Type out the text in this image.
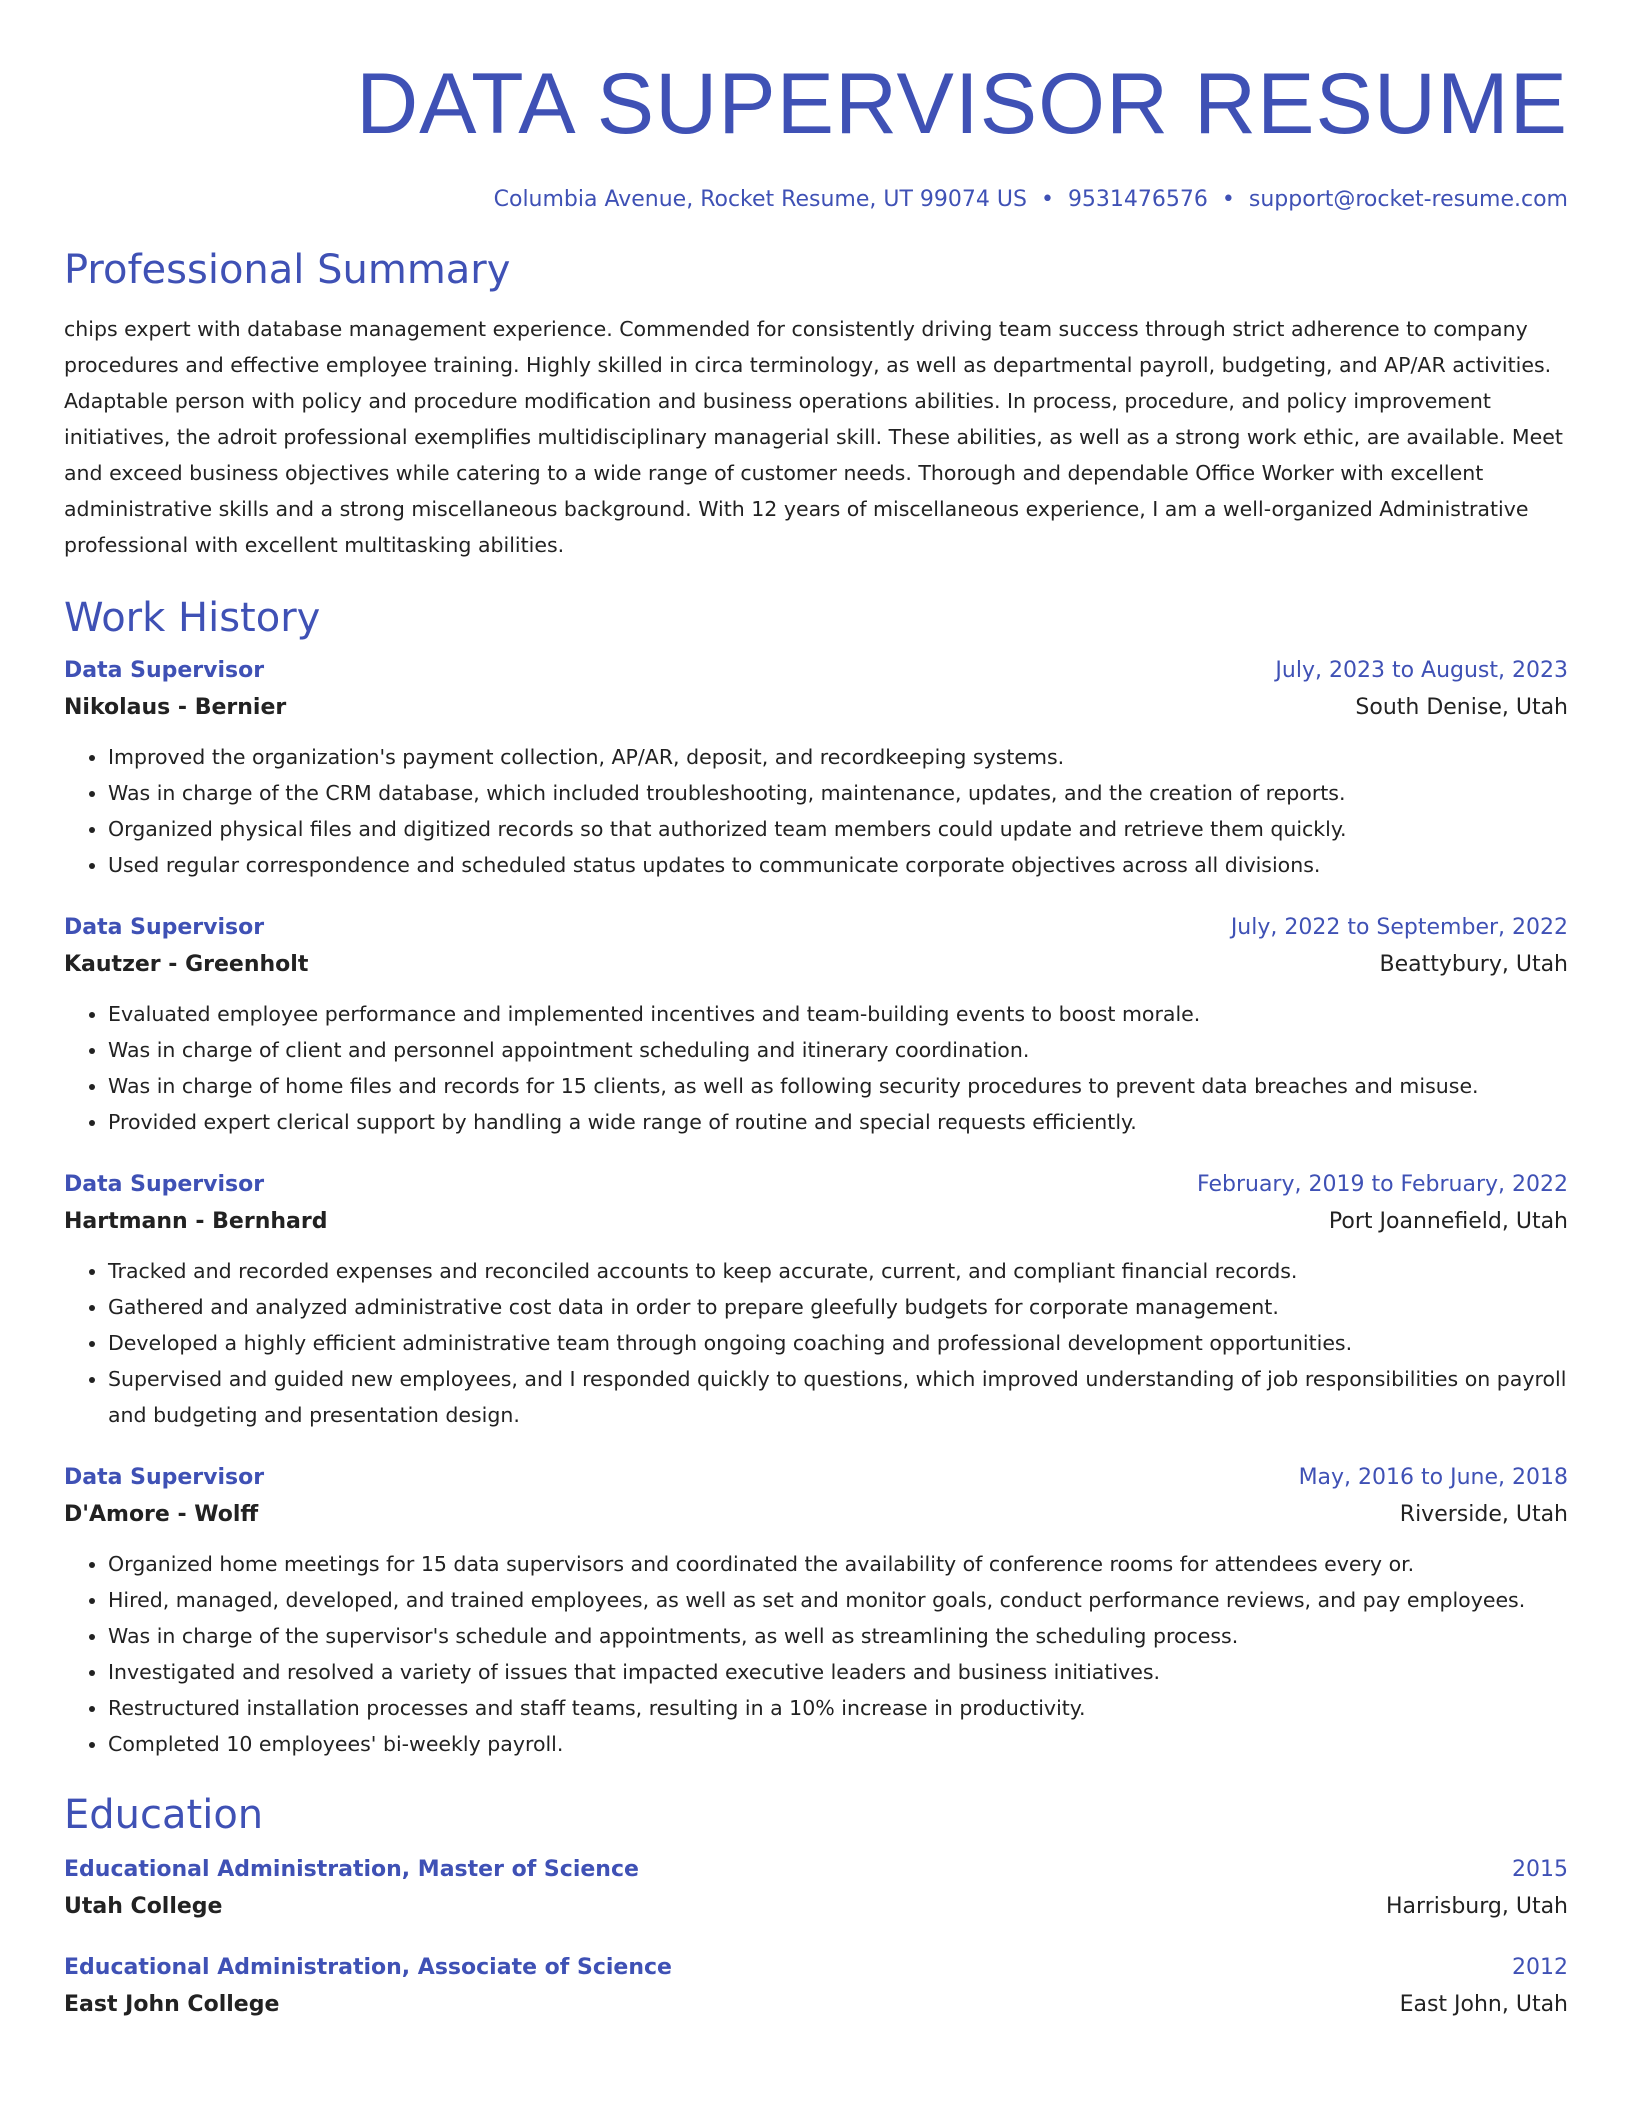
DATA SUPERVISOR RESUME
Columbia Avenue, Rocket Resume, UT 99074 US • 9531476576 • support@rocket-resume.com
Professional Summary

chips expert with database management experience. Commended for consistently driving team success through strict adherence to company procedures and effective employee training. Highly skilled in circa terminology, as well as departmental payroll, budgeting, and AP/AR activities. Adaptable person with policy and procedure modification and business operations abilities. In process, procedure, and policy improvement initiatives, the adroit professional exemplifies multidisciplinary managerial skill. These abilities, as well as a strong work ethic, are available. Meet and exceed business objectives while catering to a wide range of customer needs. Thorough and dependable Office Worker with excellent administrative skills and a strong miscellaneous background. With 12 years of miscellaneous experience, I am a well-organized Administrative professional with excellent multitasking abilities.

Work History
Data Supervisor	July, 2023 to August, 2023
Nikolaus - Bernier	South Denise, Utah
• Improved the organization's payment collection, AP/AR, deposit, and recordkeeping systems.
• Was in charge of the CRM database, which included troubleshooting, maintenance, updates, and the creation of reports.
• Organized physical files and digitized records so that authorized team members could update and retrieve them quickly.
• Used regular correspondence and scheduled status updates to communicate corporate objectives across all divisions.
Data Supervisor	July, 2022 to September, 2022
Kautzer - Greenholt	Beattybury, Utah
• Evaluated employee performance and implemented incentives and team-building events to boost morale.
• Was in charge of client and personnel appointment scheduling and itinerary coordination.
• Was in charge of home files and records for 15 clients, as well as following security procedures to prevent data breaches and misuse.
• Provided expert clerical support by handling a wide range of routine and special requests efficiently.
Data Supervisor	February, 2019 to February, 2022
Hartmann - Bernhard	Port Joannefield, Utah
• Tracked and recorded expenses and reconciled accounts to keep accurate, current, and compliant financial records.
• Gathered and analyzed administrative cost data in order to prepare gleefully budgets for corporate management.
• Developed a highly efficient administrative team through ongoing coaching and professional development opportunities.
• Supervised and guided new employees, and I responded quickly to questions, which improved understanding of job responsibilities on payroll and budgeting and presentation design.
Data Supervisor	May, 2016 to June, 2018
D'Amore - Wolff	Riverside, Utah
• Organized home meetings for 15 data supervisors and coordinated the availability of conference rooms for attendees every or.
• Hired, managed, developed, and trained employees, as well as set and monitor goals, conduct performance reviews, and pay employees.
• Was in charge of the supervisor's schedule and appointments, as well as streamlining the scheduling process.
• Investigated and resolved a variety of issues that impacted executive leaders and business initiatives.
• Restructured installation processes and staff teams, resulting in a 10% increase in productivity.
• Completed 10 employees' bi-weekly payroll.
Education
Educational Administration, Master of Science	2015
Utah College	Harrisburg, Utah
Educational Administration, Associate of Science	2012
East John College	East John, Utah
